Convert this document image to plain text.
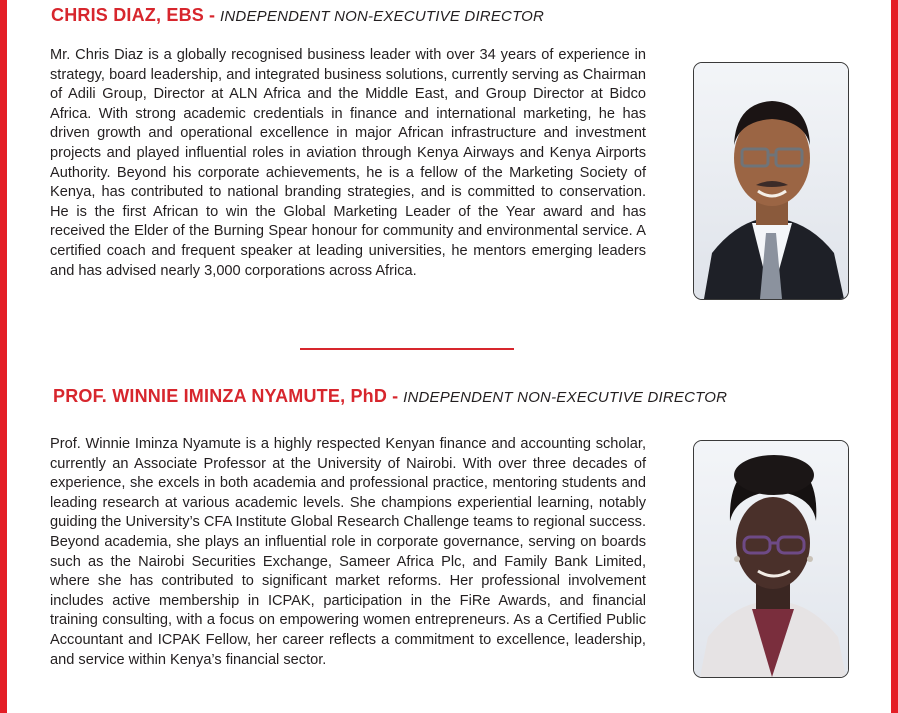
CHRIS DIAZ, EBS - INDEPENDENT NON-EXECUTIVE DIRECTOR

Mr. Chris Diaz is a globally recognised business leader with over 34 years of experience in strategy, board leadership, and integrated business solutions, currently serving as Chairman of Adili Group, Director at ALN Africa and the Middle East, and Group Director at Bidco Africa. With strong academic credentials in finance and international marketing, he has driven growth and operational excellence in major African infrastructure and investment projects and played influential roles in aviation through Kenya Airways and Kenya Airports Authority. Beyond his corporate achievements, he is a fellow of the Marketing Society of Kenya, has contributed to national branding strategies, and is committed to conservation. He is the first African to win the Global Marketing Leader of the Year award and has received the Elder of the Burning Spear honour for community and environmental service. A certified coach and frequent speaker at leading universities, he mentors emerging leaders and has advised nearly 3,000 corporations across Africa.

PROF. WINNIE IMINZA NYAMUTE, PhD - INDEPENDENT NON-EXECUTIVE DIRECTOR

Prof. Winnie Iminza Nyamute is a highly respected Kenyan finance and accounting scholar, currently an Associate Professor at the University of Nairobi. With over three decades of experience, she excels in both academia and professional practice, mentoring students and leading research at various academic levels. She champions experiential learning, notably guiding the University’s CFA Institute Global Research Challenge teams to regional success. Beyond academia, she plays an influential role in corporate governance, serving on boards such as the Nairobi Securities Exchange, Sameer Africa Plc, and Family Bank Limited, where she has contributed to significant market reforms. Her professional involvement includes active membership in ICPAK, participation in the FiRe Awards, and financial training consulting, with a focus on empowering women entrepreneurs. As a Certified Public Accountant and ICPAK Fellow, her career reflects a commitment to excellence, leadership, and service within Kenya’s financial sector.
